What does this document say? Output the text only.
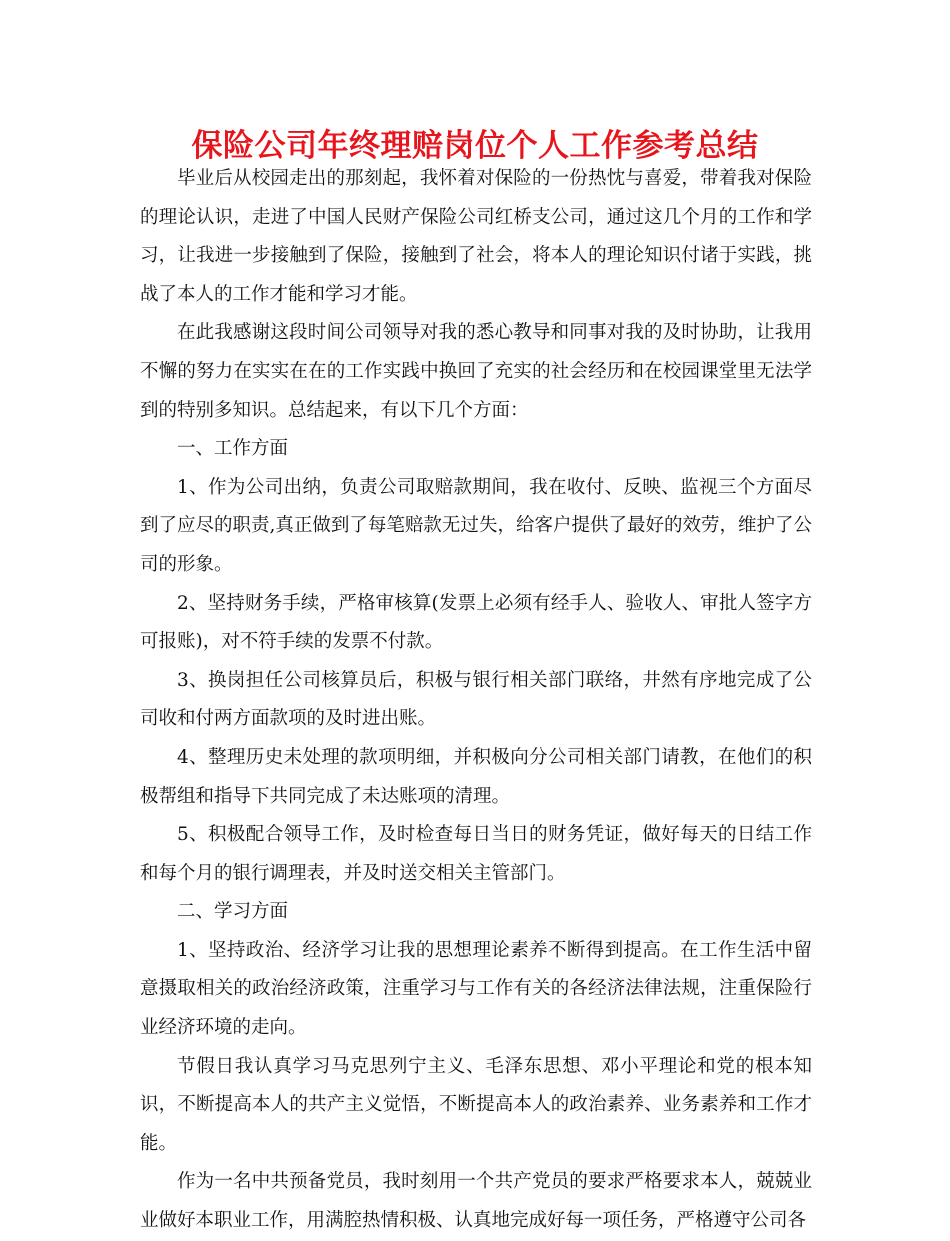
保险公司年终理赔岗位个人工作参考总结

毕业后从校园走出的那刻起，我怀着对保险的一份热忱与喜爱，带着我对保险的理论认识，走进了中国人民财产保险公司红桥支公司，通过这几个月的工作和学习，让我进一步接触到了保险，接触到了社会，将本人的理论知识付诸于实践，挑战了本人的工作才能和学习才能。

在此我感谢这段时间公司领导对我的悉心教导和同事对我的及时协助，让我用不懈的努力在实实在在的工作实践中换回了充实的社会经历和在校园课堂里无法学到的特别多知识。总结起来，有以下几个方面：

一、工作方面

1、作为公司出纳，负责公司取赔款期间，我在收付、反映、监视三个方面尽到了应尽的职责,真正做到了每笔赔款无过失，给客户提供了最好的效劳，维护了公司的形象。

2、坚持财务手续，严格审核算(发票上必须有经手人、验收人、审批人签字方可报账)，对不符手续的发票不付款。

3、换岗担任公司核算员后，积极与银行相关部门联络，井然有序地完成了公司收和付两方面款项的及时进出账。

4、整理历史未处理的款项明细，并积极向分公司相关部门请教，在他们的积极帮组和指导下共同完成了未达账项的清理。

5、积极配合领导工作，及时检查每日当日的财务凭证，做好每天的日结工作和每个月的银行调理表，并及时送交相关主管部门。

二、学习方面

1、坚持政治、经济学习让我的思想理论素养不断得到提高。在工作生活中留意摄取相关的政治经济政策，注重学习与工作有关的各经济法律法规，注重保险行业经济环境的走向。

节假日我认真学习马克思列宁主义、毛泽东思想、邓小平理论和党的根本知识，不断提高本人的共产主义觉悟，不断提高本人的政治素养、业务素养和工作才能。

作为一名中共预备党员，我时刻用一个共产党员的要求严格要求本人，兢兢业业做好本职业工作，用满腔热情积极、认真地完成好每一项任务，严格遵守公司各
